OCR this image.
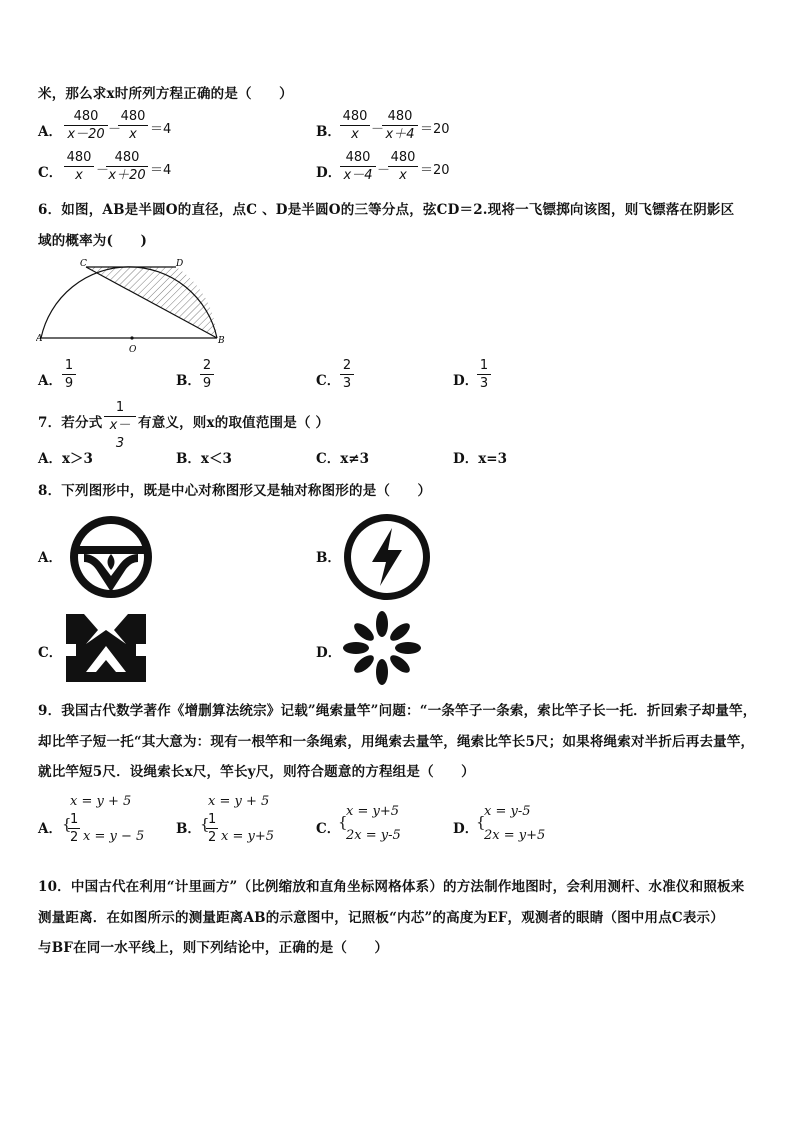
米，那么求x时所列方程正确的是（　　）
A． $\frac{480}{x-20}$ －
$\frac{480}{x} =4$	B． $\frac{480}{x}$ －
$\frac{480}{x+4} =20$
C． $\frac{480}{x}$ －
$\frac{480}{x+20} =4$	D．
$\frac{480}{x-4}$ －
$\frac{480}{x} =20$
6．如图，AB是半圆O的直径，点C 、D是半圆O的三等分点，弦CD＝2.现将一飞镖掷向该图，则飞镖落在阴影区
域的概率为(　　)
A	B
C	D
O
A． $\frac{1}{9}$	B． $\frac{2}{9}$	C． $\frac{2}{3}$	D．
$\frac{1}{3}$
7．若分式 $\frac{1}{x-3}$ 有意义，则x的取值范围是（ ）
A．x＞3	B．x＜3	C．x≠3	D．x=3
8．下列图形中，既是中心对称图形又是轴对称图形的是（　　）
A．	B．
C．	D．
9．我国古代数学著作《增删算法统宗》记载”绳索量竿”问题：“一条竿子一条索，索比竿子长一托．折回索子却量竿，
却比竿子短一托“其大意为：现有一根竿和一条绳索，用绳索去量竿，绳索比竿长5尺；如果将绳索对半折后再去量竿，
就比竿短5尺．设绳索长x尺，竿长y尺，则符合题意的方程组是（　　）
A．
x = y + 5
{
$\frac{1}{2}$ x = y − 5 B．
x = y + 5
{
$\frac{1}{2}$ x = y+5	C．
{
x = y+5
2x = y-5	D．
{
x = y-5
2x = y+5
10．中国古代在利用“计里画方”（比例缩放和直角坐标网格体系）的方法制作地图时，会利用测杆、水准仪和照板来
测量距离．在如图所示的测量距离AB的示意图中，记照板“内芯”的高度为EF，观测者的眼睛（图中用点C表示）
与BF在同一水平线上，则下列结论中，正确的是（　　）
